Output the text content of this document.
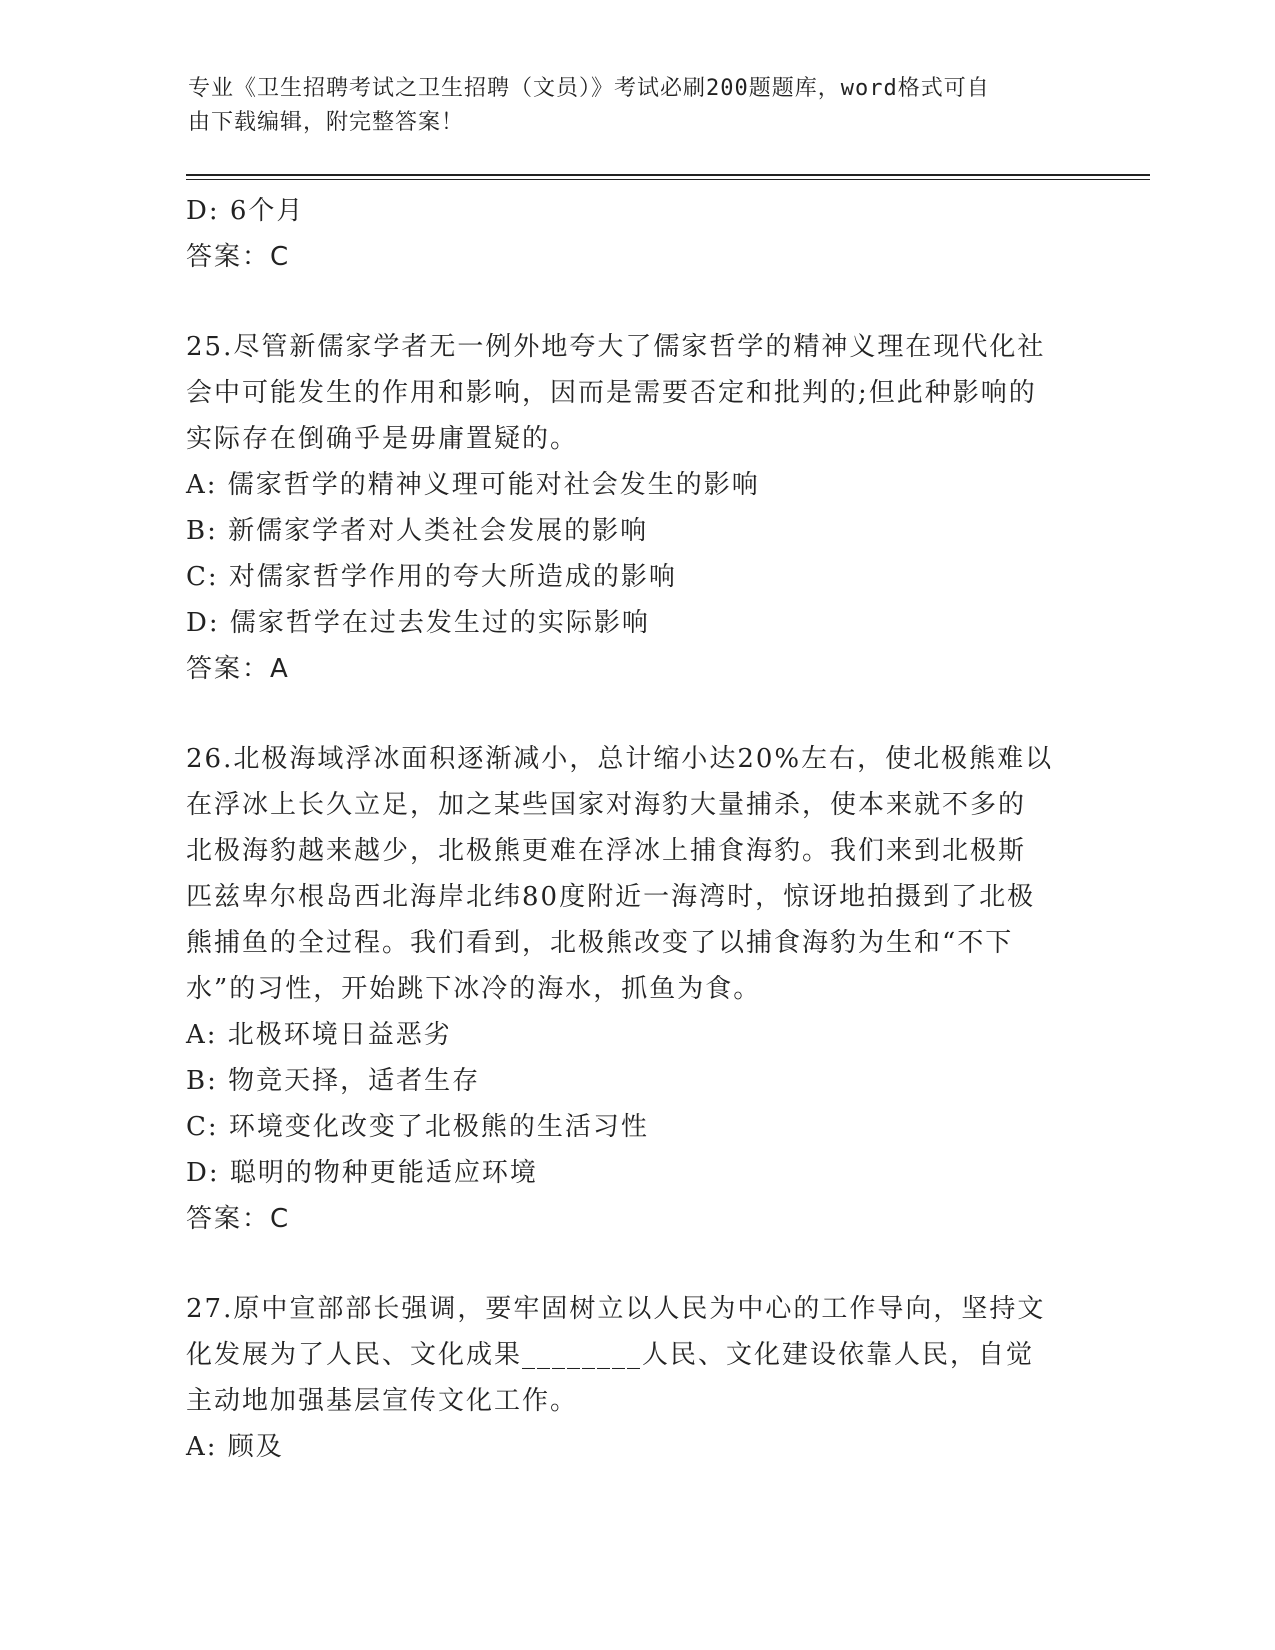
专业《卫生招聘考试之卫生招聘（文员）》考试必刷200题题库，word格式可自
由下载编辑，附完整答案！
D: 6个月
答案：C
25.尽管新儒家学者无一例外地夸大了儒家哲学的精神义理在现代化社
会中可能发生的作用和影响，因而是需要否定和批判的;但此种影响的
实际存在倒确乎是毋庸置疑的。
A: 儒家哲学的精神义理可能对社会发生的影响
B: 新儒家学者对人类社会发展的影响
C: 对儒家哲学作用的夸大所造成的影响
D: 儒家哲学在过去发生过的实际影响
答案：A
26.北极海域浮冰面积逐渐减小，总计缩小达20%左右，使北极熊难以
在浮冰上长久立足，加之某些国家对海豹大量捕杀，使本来就不多的
北极海豹越来越少，北极熊更难在浮冰上捕食海豹。我们来到北极斯
匹兹卑尔根岛西北海岸北纬80度附近一海湾时，惊讶地拍摄到了北极
熊捕鱼的全过程。我们看到，北极熊改变了以捕食海豹为生和“不下
水”的习性，开始跳下冰冷的海水，抓鱼为食。
A: 北极环境日益恶劣
B: 物竞天择，适者生存
C: 环境变化改变了北极熊的生活习性
D: 聪明的物种更能适应环境
答案：C
27.原中宣部部长强调，要牢固树立以人民为中心的工作导向，坚持文
化发展为了人民、文化成果________人民、文化建设依靠人民，自觉
主动地加强基层宣传文化工作。
A: 顾及
